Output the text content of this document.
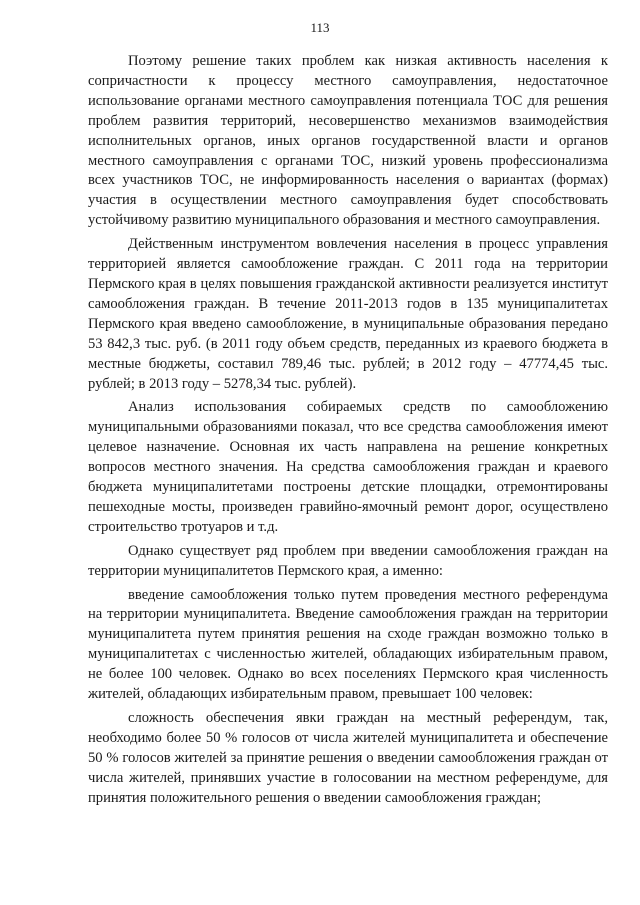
113

Поэтому решение таких проблем как низкая активность населения к сопричастности к процессу местного самоуправления, недостаточное использование органами местного самоуправления потенциала ТОС для решения проблем развития территорий, несовершенство механизмов взаимодействия исполнительных органов, иных органов государственной власти и органов местного самоуправления с органами ТОС, низкий уровень профессионализма всех участников ТОС, не информированность населения о вариантах (формах) участия в осуществлении местного самоуправления будет способствовать устойчивому развитию муниципального образования и местного самоуправления.

Действенным инструментом вовлечения населения в процесс управления территорией является самообложение граждан. С 2011 года на территории Пермского края в целях повышения гражданской активности реализуется институт самообложения граждан. В течение 2011-2013 годов в 135 муниципалитетах Пермского края введено самообложение, в муниципальные образования передано 53 842,3 тыс. руб. (в 2011 году объем средств, переданных из краевого бюджета в местные бюджеты, составил 789,46 тыс. рублей; в 2012 году – 47774,45 тыс. рублей; в 2013 году – 5278,34 тыс. рублей).

Анализ использования собираемых средств по самообложению муниципальными образованиями показал, что все средства самообложения имеют целевое назначение. Основная их часть направлена на решение конкретных вопросов местного значения. На средства самообложения граждан и краевого бюджета муниципалитетами построены детские площадки, отремонтированы пешеходные мосты, произведен гравийно-ямочный ремонт дорог, осуществлено строительство тротуаров и т.д.

Однако существует ряд проблем при введении самообложения граждан на территории муниципалитетов Пермского края, а именно:

введение самообложения только путем проведения местного референдума на территории муниципалитета. Введение самообложения граждан на территории муниципалитета путем принятия решения на сходе граждан возможно только в муниципалитетах с численностью жителей, обладающих избирательным правом, не более 100 человек. Однако во всех поселениях Пермского края численность жителей, обладающих избирательным правом, превышает 100 человек:

сложность обеспечения явки граждан на местный референдум, так, необходимо более 50 % голосов от числа жителей муниципалитета и обеспечение 50 % голосов жителей за принятие решения о введении самообложения граждан от числа жителей, принявших участие в голосовании на местном референдуме, для принятия положительного решения о введении самообложения граждан;
